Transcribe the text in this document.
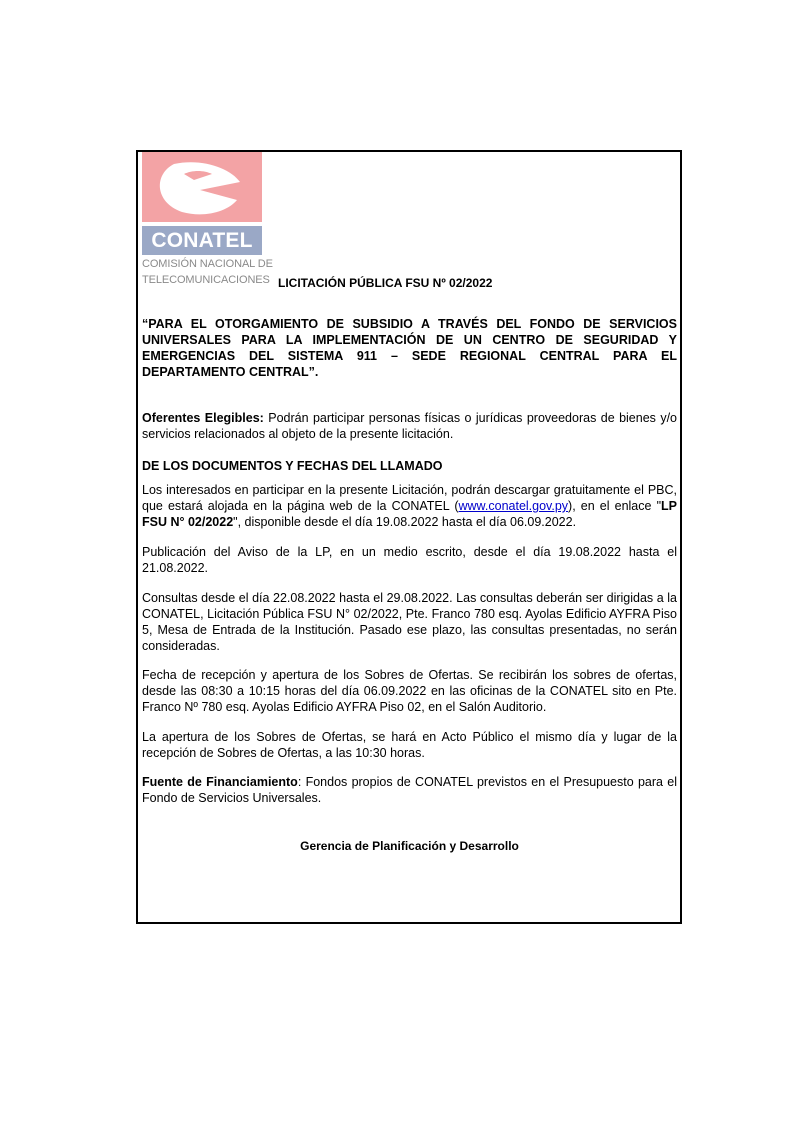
CONATEL
COMISIÓN NACIONAL DE
TELECOMUNICACIONES LICITACIÓN PÚBLICA FSU Nº 02/2022
“PARA EL OTORGAMIENTO DE SUBSIDIO A TRAVÉS DEL FONDO DE SERVICIOS UNIVERSALES PARA LA IMPLEMENTACIÓN DE UN CENTRO DE SEGURIDAD Y EMERGENCIAS DEL SISTEMA 911 – SEDE REGIONAL CENTRAL PARA EL DEPARTAMENTO CENTRAL”.
Oferentes Elegibles: Podrán participar personas físicas o jurídicas proveedoras de bienes y/o servicios relacionados al objeto de la presente licitación.
DE LOS DOCUMENTOS Y FECHAS DEL LLAMADO
Los interesados en participar en la presente Licitación, podrán descargar gratuitamente el PBC, que estará alojada en la página web de la CONATEL (www.conatel.gov.py), en el enlace "LP FSU N° 02/2022", disponible desde el día 19.08.2022 hasta el día 06.09.2022.
Publicación del Aviso de la LP, en un medio escrito, desde el día 19.08.2022 hasta el 21.08.2022.
Consultas desde el día 22.08.2022 hasta el 29.08.2022. Las consultas deberán ser dirigidas a la CONATEL, Licitación Pública FSU N° 02/2022, Pte. Franco 780 esq. Ayolas Edificio AYFRA Piso 5, Mesa de Entrada de la Institución. Pasado ese plazo, las consultas presentadas, no serán consideradas.
Fecha de recepción y apertura de los Sobres de Ofertas. Se recibirán los sobres de ofertas, desde las 08:30 a 10:15 horas del día 06.09.2022 en las oficinas de la CONATEL sito en Pte. Franco Nº 780 esq. Ayolas Edificio AYFRA Piso 02, en el Salón Auditorio.
La apertura de los Sobres de Ofertas, se hará en Acto Público el mismo día y lugar de la recepción de Sobres de Ofertas, a las 10:30 horas.
Fuente de Financiamiento: Fondos propios de CONATEL previstos en el Presupuesto para el Fondo de Servicios Universales.
Gerencia de Planificación y Desarrollo
